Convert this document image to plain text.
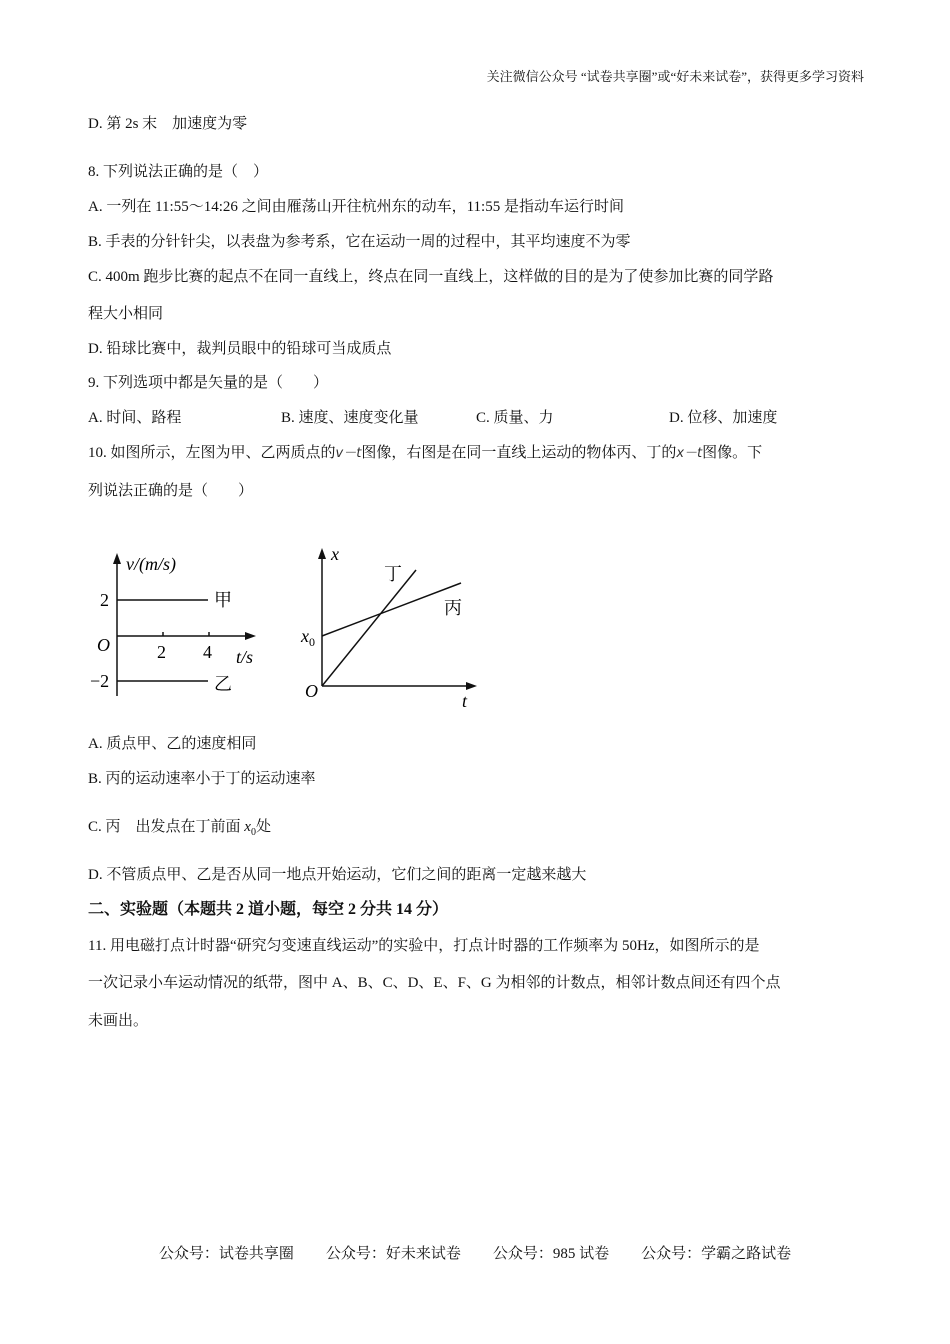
关注微信公众号 “试卷共享圈”或“好未来试卷”，获得更多学习资料
D. 第 2s 末　加速度为零
8. 下列说法正确的是（　）
A. 一列在 11:55～14:26 之间由雁荡山开往杭州东的动车，11:55 是指动车运行时间
B. 手表的分针针尖，以表盘为参考系，它在运动一周的过程中，其平均速度不为零
C. 400m 跑步比赛的起点不在同一直线上，终点在同一直线上，这样做的目的是为了使参加比赛的同学路
程大小相同
D. 铅球比赛中，裁判员眼中的铅球可当成质点
9. 下列选项中都是矢量的是（　　）
A. 时间、路程	B. 速度、速度变化量	C. 质量、力	D. 位移、加速度
10. 如图所示，左图为甲、乙两质点的v－t图像，右图是在同一直线上运动的物体丙、丁的x－t图像。下
列说法正确的是（　　）
v/(m/s)
2
−2
O	2 4 t/s
甲
乙
x
O	t
$x_0$
丁
丙
A. 质点甲、乙的速度相同
B. 丙的运动速率小于丁的运动速率
C. 丙　出发点在丁前面 $x_0$处
D. 不管质点甲、乙是否从同一地点开始运动，它们之间的距离一定越来越大
二、实验题（本题共 2 道小题，每空 2 分共 14 分）
11. 用电磁打点计时器“研究匀变速直线运动”的实验中，打点计时器的工作频率为 50Hz，如图所示的是
一次记录小车运动情况的纸带，图中 A、B、C、D、E、F、G 为相邻的计数点，相邻计数点间还有四个点
未画出。
公众号：试卷共享圈 公众号：好未来试卷 公众号：985 试卷 公众号：学霸之路试卷
